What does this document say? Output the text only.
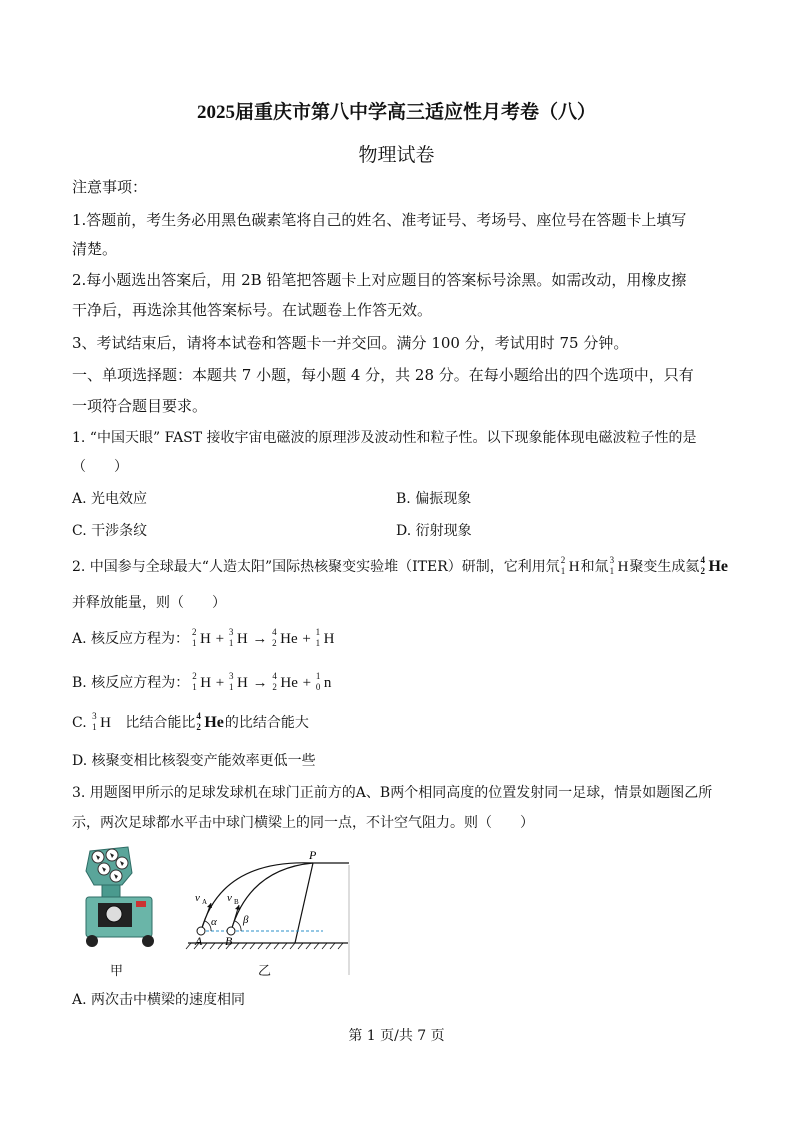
2025届重庆市第八中学高三适应性月考卷（八）
物理试卷
注意事项：
1.答题前，考生务必用黑色碳素笔将自己的姓名、准考证号、考场号、座位号在答题卡上填写
清楚。
2.每小题选出答案后，用 2B 铅笔把答题卡上对应题目的答案标号涂黑。如需改动，用橡皮擦
干净后，再选涂其他答案标号。在试题卷上作答无效。
3、考试结束后，请将本试卷和答题卡一并交回。满分 100 分，考试用时 75 分钟。
一、单项选择题：本题共 7 小题，每小题 4 分，共 28 分。在每小题给出的四个选项中，只有
一项符合题目要求。
1. “中国天眼” FAST 接收宇宙电磁波的原理涉及波动性和粒子性。以下现象能体现电磁波粒子性的是
（　　）
A. 光电效应	B. 偏振现象
C. 干涉条纹	D. 衍射现象
2. 中国参与全球最大“人造太阳”国际热核聚变实验堆（ITER）研制，它利用氘 2
1 H和氚 3
1 H聚变生成氦 4
2 He
并释放能量，则（　　）
A. 核反应方程为： 2
1 H + 3
1 H → 4
2 He + 1
1 H
B. 核反应方程为： 2
1 H + 3
1 H → 4
2 He + 1
0 n
C. 3
1 H 比结合能比 4
2 He的比结合能大
D. 核聚变相比核裂变产能效率更低一些
3. 用题图甲所示的足球发球机在球门正前方的A、B两个相同高度的位置发射同一足球，情景如题图乙所
示，两次足球都水平击中球门横梁上的同一点，不计空气阻力。则（　　）
甲
P
A B
v A v B
α β
乙
A. 两次击中横梁的速度相同
第 1 页/共 7 页
